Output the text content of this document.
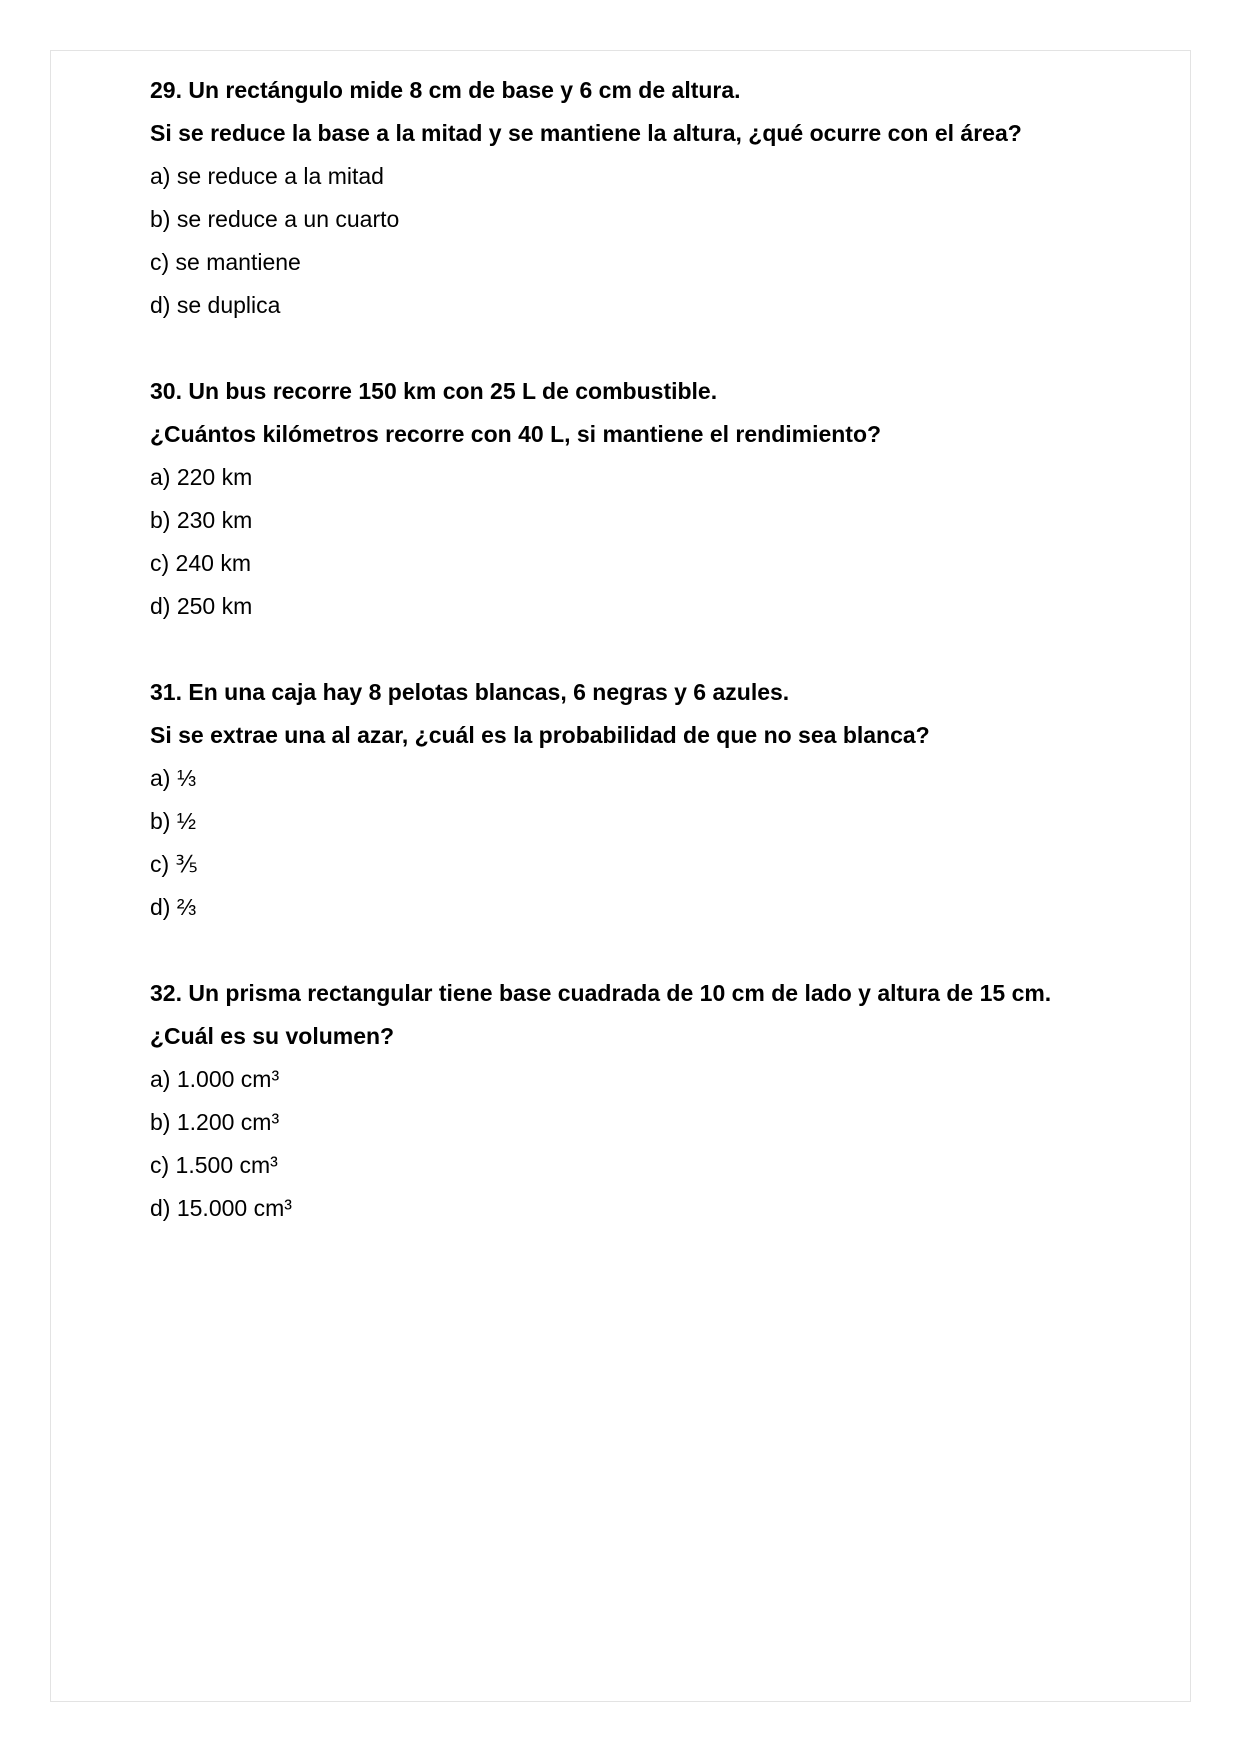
29. Un rectángulo mide 8 cm de base y 6 cm de altura.
Si se reduce la base a la mitad y se mantiene la altura, ¿qué ocurre con el área?
a) se reduce a la mitad
b) se reduce a un cuarto
c) se mantiene
d) se duplica
30. Un bus recorre 150 km con 25 L de combustible.
¿Cuántos kilómetros recorre con 40 L, si mantiene el rendimiento?
a) 220 km
b) 230 km
c) 240 km
d) 250 km
31. En una caja hay 8 pelotas blancas, 6 negras y 6 azules.
Si se extrae una al azar, ¿cuál es la probabilidad de que no sea blanca?
a) ⅓
b) ½
c) ⅗
d) ⅔
32. Un prisma rectangular tiene base cuadrada de 10 cm de lado y altura de 15 cm.
¿Cuál es su volumen?
a) 1.000 cm³
b) 1.200 cm³
c) 1.500 cm³
d) 15.000 cm³
